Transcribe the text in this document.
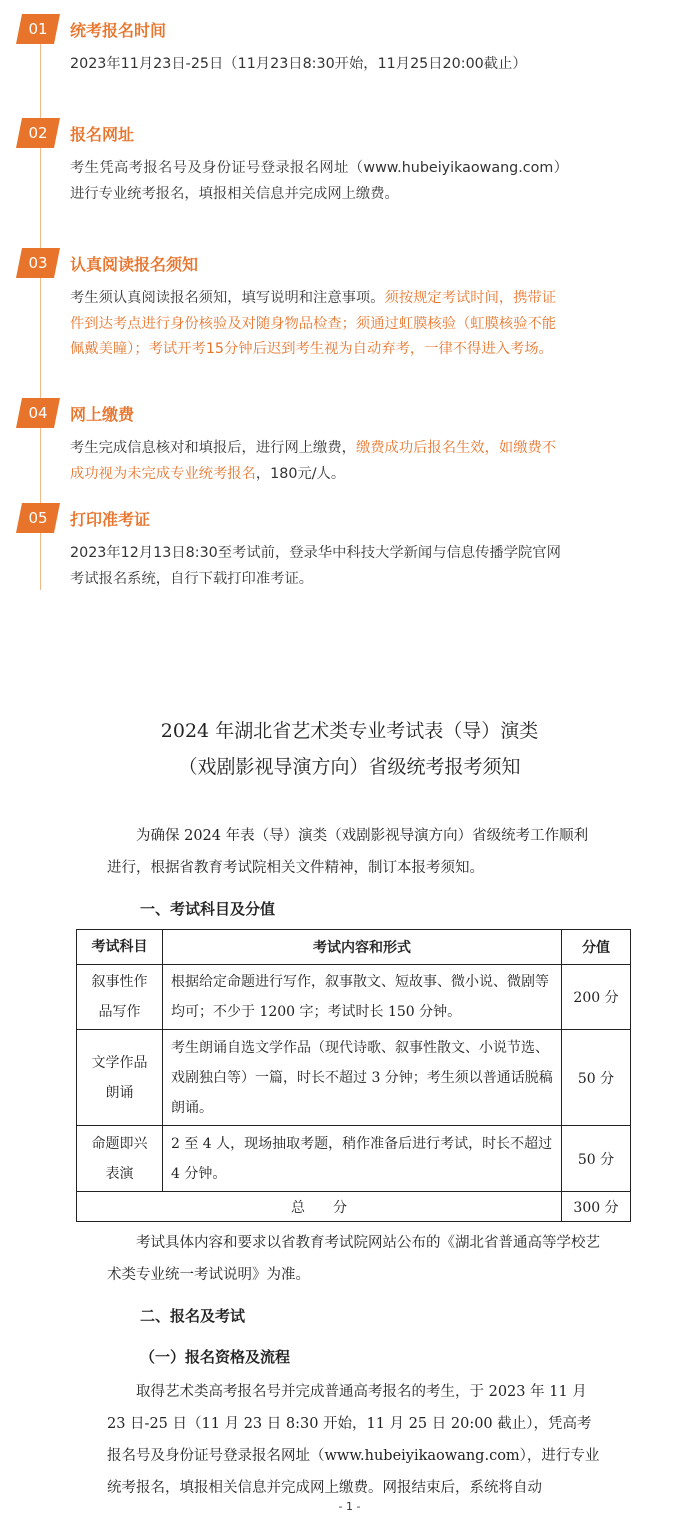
01	统考报名时间
2023年11月23日-25日（11月23日8:30开始，11月25日20:00截止）
02	报名网址
考生凭高考报名号及身份证号登录报名网址（www.hubeiyikaowang.com）进行专业统考报名，填报相关信息并完成网上缴费。
03	认真阅读报名须知
考生须认真阅读报名须知，填写说明和注意事项。须按规定考试时间，携带证件到达考点进行身份核验及对随身物品检查；须通过虹膜核验（虹膜核验不能佩戴美瞳）；考试开考15分钟后迟到考生视为自动弃考，一律不得进入考场。
04	网上缴费
考生完成信息核对和填报后，进行网上缴费，缴费成功后报名生效，如缴费不成功视为未完成专业统考报名，180元/人。
05	打印准考证
2023年12月13日8:30至考试前，登录华中科技大学新闻与信息传播学院官网考试报名系统，自行下载打印准考证。
2024 年湖北省艺术类专业考试表（导）演类
（戏剧影视导演方向）省级统考报考须知
为确保 2024 年表（导）演类（戏剧影视导演方向）省级统考工作顺利进行，根据省教育考试院相关文件精神，制订本报考须知。
一、考试科目及分值
考试科目	考试内容和形式	分值
叙事性作品写作	根据给定命题进行写作，叙事散文、短故事、微小说、微剧等均可；不少于 1200 字；考试时长 150 分钟。	200 分
文学作品朗诵	考生朗诵自选文学作品（现代诗歌、叙事性散文、小说节选、戏剧独白等）一篇，时长不超过 3 分钟；考生须以普通话脱稿朗诵。	50 分
命题即兴表演	2 至 4 人，现场抽取考题，稍作准备后进行考试，时长不超过 4 分钟。	50 分
总　　分		300 分
考试具体内容和要求以省教育考试院网站公布的《湖北省普通高等学校艺术类专业统一考试说明》为准。
二、报名及考试
（一）报名资格及流程
取得艺术类高考报名号并完成普通高考报名的考生，于 2023 年 11 月 23 日-25 日（11 月 23 日 8:30 开始，11 月 25 日 20:00 截止），凭高考报名号及身份证号登录报名网址（www.hubeiyikaowang.com），进行专业统考报名，填报相关信息并完成网上缴费。网报结束后，系统将自动
- 1 -
